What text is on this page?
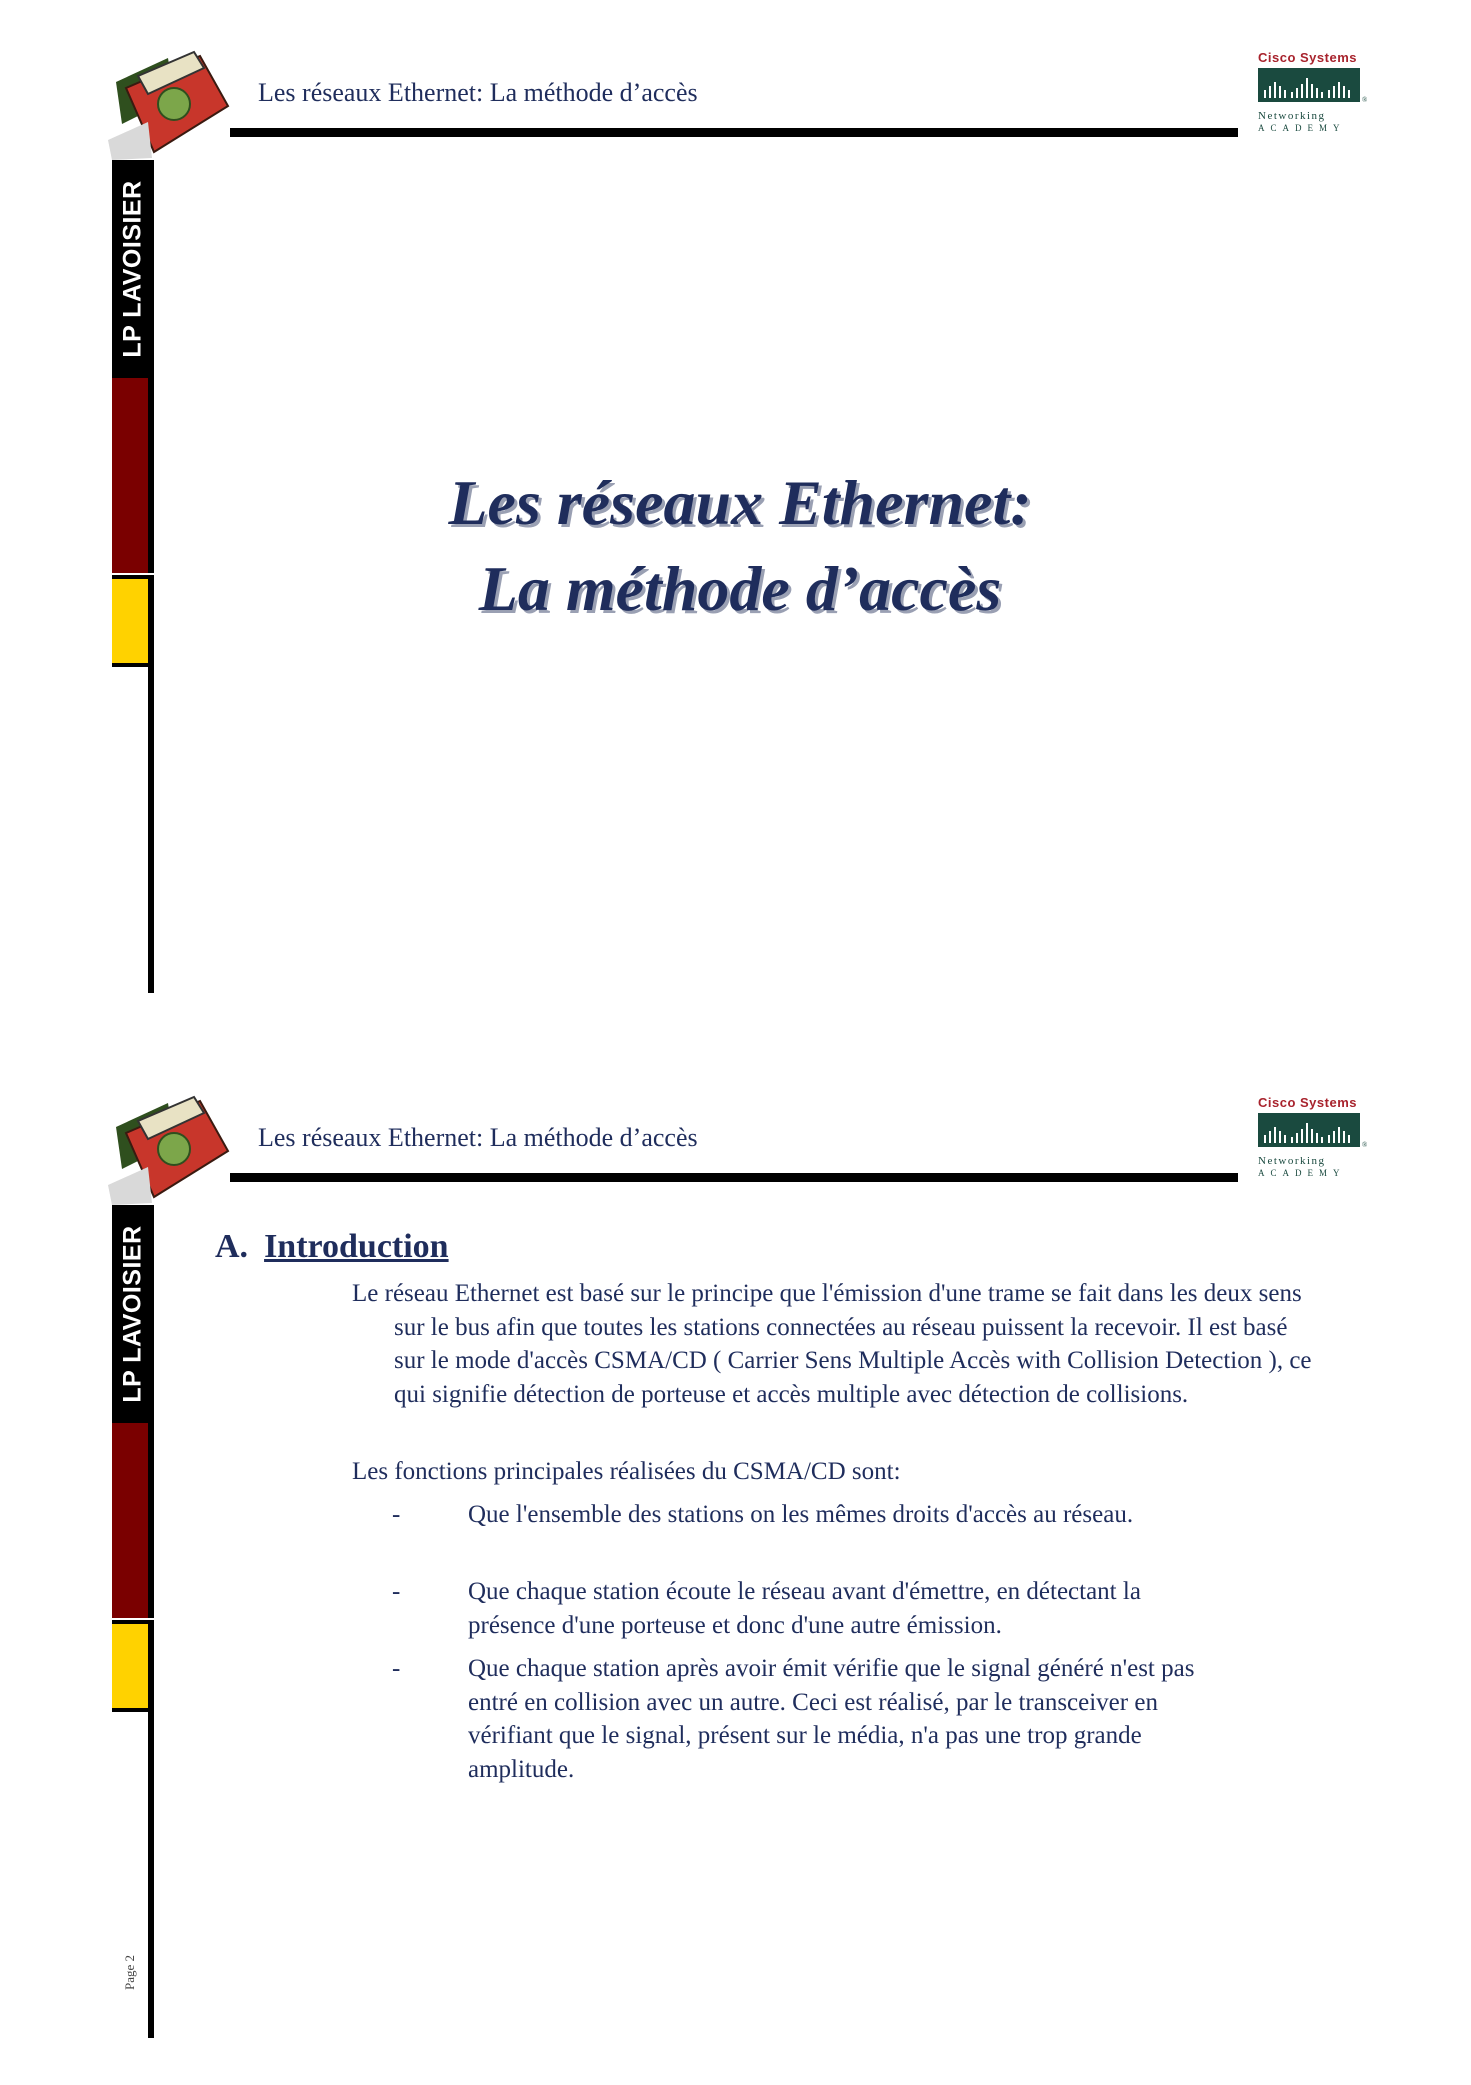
Les réseaux Ethernet: La méthode d’accès
LP LAVOISIER
Cisco Systems
®
Networking
ACADEMY
Les réseaux Ethernet:
La méthode d’accès
Les réseaux Ethernet: La méthode d’accès
LP LAVOISIER
Page 2
Cisco Systems
®
Networking
ACADEMY
A. Introduction
Le réseau Ethernet est basé sur le principe que l'émission d'une trame se fait dans les deux sens sur le bus afin que toutes les stations connectées au réseau puissent la recevoir. Il est basé sur le mode d'accès CSMA/CD ( Carrier Sens Multiple Accès with Collision Detection ), ce qui signifie détection de porteuse et accès multiple avec détection de collisions.
Les fonctions principales réalisées du CSMA/CD sont:
-	Que l'ensemble des stations on les mêmes droits d'accès au réseau.
-	Que chaque station écoute le réseau avant d'émettre, en détectant la présence d'une porteuse et donc d'une autre émission.
-	Que chaque station après avoir émit vérifie que le signal généré n'est pas entré en collision avec un autre. Ceci est réalisé, par le transceiver en vérifiant que le signal, présent sur le média, n'a pas une trop grande amplitude.
